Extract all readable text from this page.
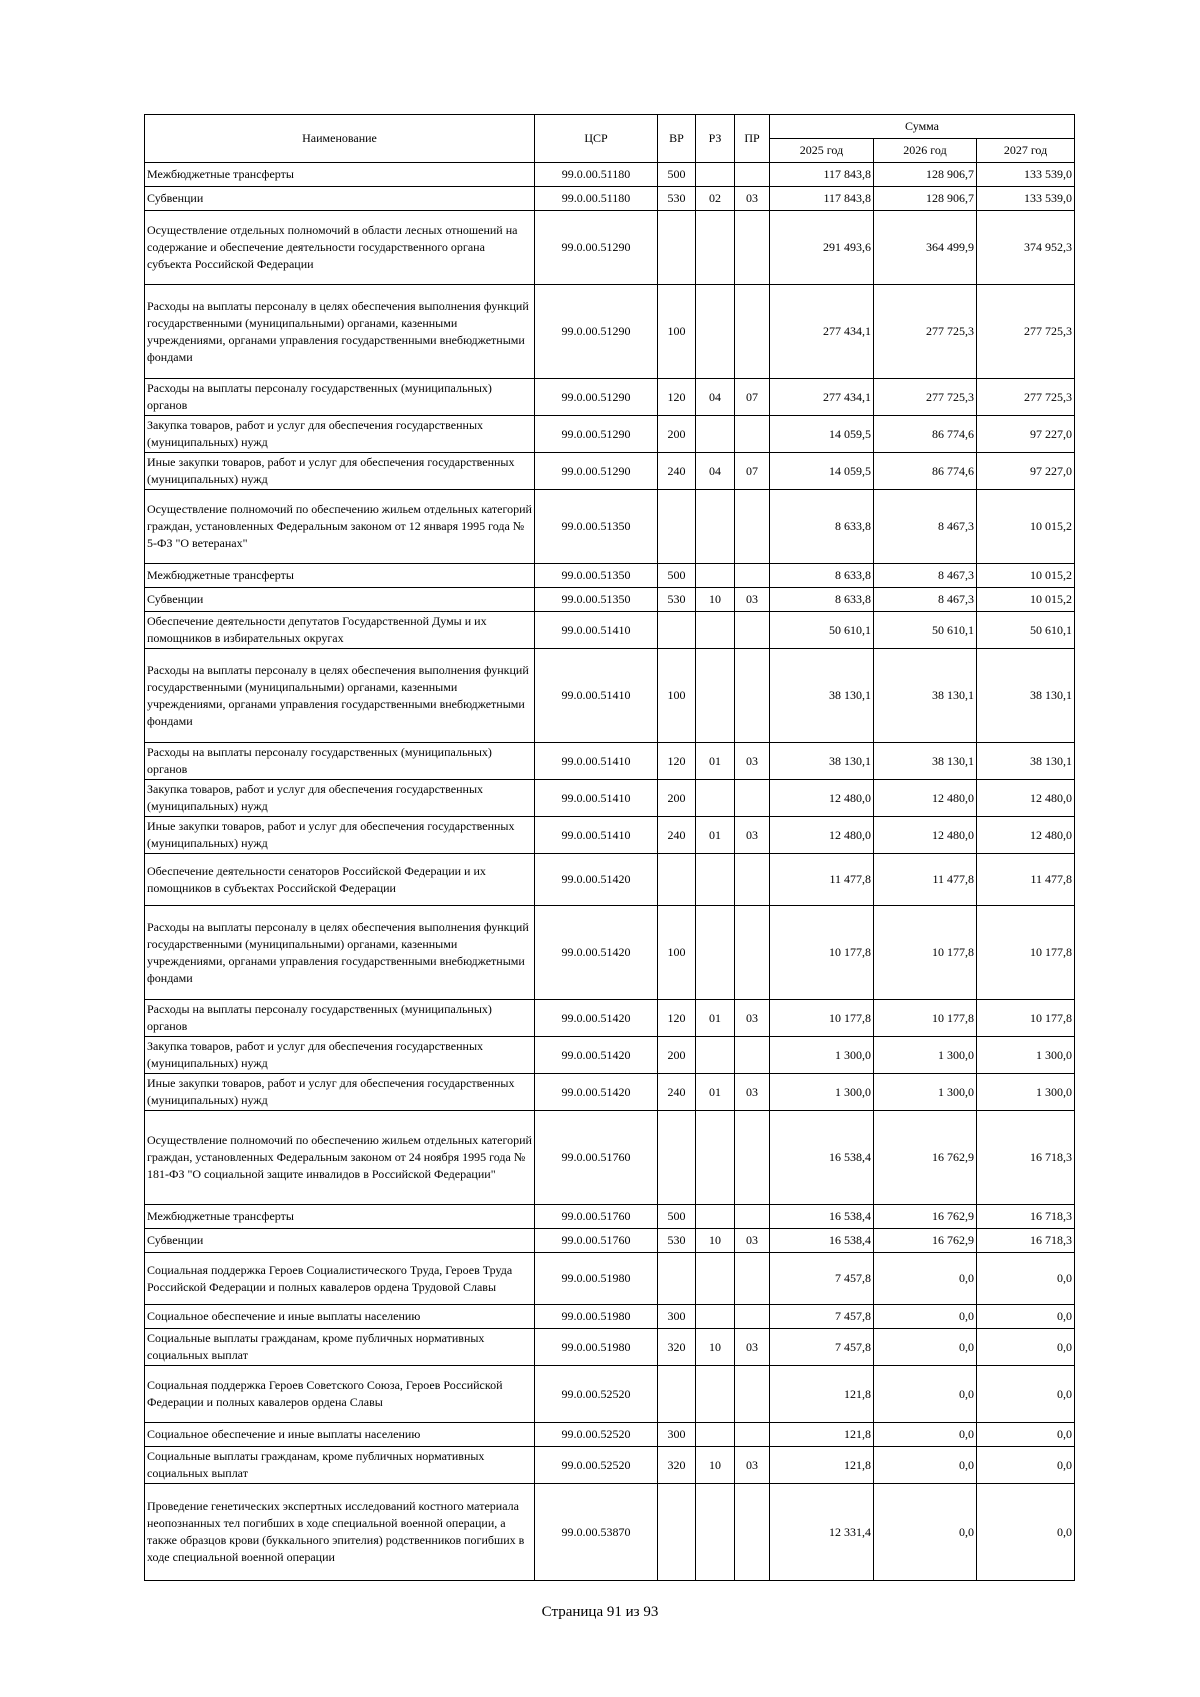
Наименование	ЦСР	ВР	РЗ	ПР	Сумма		
					2025 год	2026 год	2027 год
Межбюджетные трансферты	99.0.00.51180	500			117 843,8	128 906,7	133 539,0
Субвенции	99.0.00.51180	530	02	03	117 843,8	128 906,7	133 539,0
Осуществление отдельных полномочий в области лесных отношений на содержание и обеспечение деятельности государственного органа субъекта Российской Федерации	99.0.00.51290				291 493,6	364 499,9	374 952,3
Расходы на выплаты персоналу в целях обеспечения выполнения функций государственными (муниципальными) органами, казенными учреждениями, органами управления государственными внебюджетными фондами	99.0.00.51290	100			277 434,1	277 725,3	277 725,3
Расходы на выплаты персоналу государственных (муниципальных) органов	99.0.00.51290	120	04	07	277 434,1	277 725,3	277 725,3
Закупка товаров, работ и услуг для обеспечения государственных (муниципальных) нужд	99.0.00.51290	200			14 059,5	86 774,6	97 227,0
Иные закупки товаров, работ и услуг для обеспечения государственных (муниципальных) нужд	99.0.00.51290	240	04	07	14 059,5	86 774,6	97 227,0
Осуществление полномочий по обеспечению жильем отдельных категорий граждан, установленных Федеральным законом от 12 января 1995 года № 5-ФЗ "О ветеранах"	99.0.00.51350				8 633,8	8 467,3	10 015,2
Межбюджетные трансферты	99.0.00.51350	500			8 633,8	8 467,3	10 015,2
Субвенции	99.0.00.51350	530	10	03	8 633,8	8 467,3	10 015,2
Обеспечение деятельности депутатов Государственной Думы и их помощников в избирательных округах	99.0.00.51410				50 610,1	50 610,1	50 610,1
Расходы на выплаты персоналу в целях обеспечения выполнения функций государственными (муниципальными) органами, казенными учреждениями, органами управления государственными внебюджетными фондами	99.0.00.51410	100			38 130,1	38 130,1	38 130,1
Расходы на выплаты персоналу государственных (муниципальных) органов	99.0.00.51410	120	01	03	38 130,1	38 130,1	38 130,1
Закупка товаров, работ и услуг для обеспечения государственных (муниципальных) нужд	99.0.00.51410	200			12 480,0	12 480,0	12 480,0
Иные закупки товаров, работ и услуг для обеспечения государственных (муниципальных) нужд	99.0.00.51410	240	01	03	12 480,0	12 480,0	12 480,0
Обеспечение деятельности сенаторов Российской Федерации и их помощников в субъектах Российской Федерации	99.0.00.51420				11 477,8	11 477,8	11 477,8
Расходы на выплаты персоналу в целях обеспечения выполнения функций государственными (муниципальными) органами, казенными учреждениями, органами управления государственными внебюджетными фондами	99.0.00.51420	100			10 177,8	10 177,8	10 177,8
Расходы на выплаты персоналу государственных (муниципальных) органов	99.0.00.51420	120	01	03	10 177,8	10 177,8	10 177,8
Закупка товаров, работ и услуг для обеспечения государственных (муниципальных) нужд	99.0.00.51420	200			1 300,0	1 300,0	1 300,0
Иные закупки товаров, работ и услуг для обеспечения государственных (муниципальных) нужд	99.0.00.51420	240	01	03	1 300,0	1 300,0	1 300,0
Осуществление полномочий по обеспечению жильем отдельных категорий граждан, установленных Федеральным законом от 24 ноября 1995 года № 181-ФЗ "О социальной защите инвалидов в Российской Федерации"	99.0.00.51760				16 538,4	16 762,9	16 718,3
Межбюджетные трансферты	99.0.00.51760	500			16 538,4	16 762,9	16 718,3
Субвенции	99.0.00.51760	530	10	03	16 538,4	16 762,9	16 718,3
Социальная поддержка Героев Социалистического Труда, Героев Труда Российской Федерации и полных кавалеров ордена Трудовой Славы	99.0.00.51980				7 457,8	0,0	0,0
Социальное обеспечение и иные выплаты населению	99.0.00.51980	300			7 457,8	0,0	0,0
Социальные выплаты гражданам, кроме публичных нормативных социальных выплат	99.0.00.51980	320	10	03	7 457,8	0,0	0,0
Социальная поддержка Героев Советского Союза, Героев Российской Федерации и полных кавалеров ордена Славы	99.0.00.52520				121,8	0,0	0,0
Социальное обеспечение и иные выплаты населению	99.0.00.52520	300			121,8	0,0	0,0
Социальные выплаты гражданам, кроме публичных нормативных социальных выплат	99.0.00.52520	320	10	03	121,8	0,0	0,0
Проведение генетических экспертных исследований костного материала неопознанных тел погибших в ходе специальной военной операции, а также образцов крови (буккального эпителия) родственников погибших в ходе специальной военной операции	99.0.00.53870				12 331,4	0,0	0,0
Страница 91 из 93
